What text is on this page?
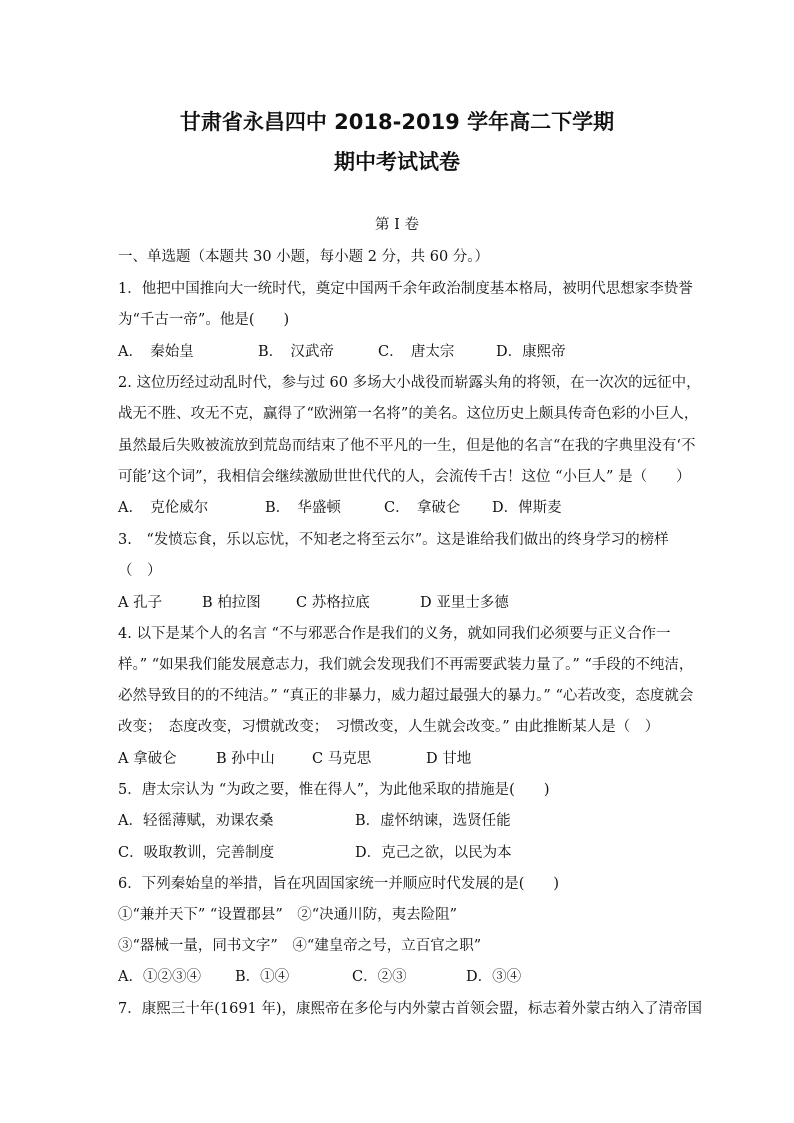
甘肃省永昌四中 2018-2019 学年高二下学期
期中考试试卷
第 I 卷
一、单选题（本题共 30 小题，每小题 2 分，共 60 分。）
1．他把中国推向大一统时代，奠定中国两千余年政治制度基本格局，被明代思想家李贽誉
为“千古一帝”。他是(　　)
A．　秦始皇	B．　汉武帝	C．　唐太宗	D．康熙帝
2. 这位历经过动乱时代，参与过 60 多场大小战役而崭露头角的将领，在一次次的远征中，
战无不胜、攻无不克，赢得了“欧洲第一名将”的美名。这位历史上颇具传奇色彩的小巨人，
虽然最后失败被流放到荒岛而结束了他不平凡的一生，但是他的名言“在我的字典里没有‘不
可能’这个词”，我相信会继续激励世世代代的人，会流传千古！这位 “小巨人” 是（　　）
A．　克伦威尔	B．　华盛顿	C．　拿破仑 D．俾斯麦
3.　“发愤忘食，乐以忘忧，不知老之将至云尔”。这是谁给我们做出的终身学习的榜样
（　）
A 孔子	B 柏拉图 C 苏格拉底	D 亚里士多德
4. 以下是某个人的名言 “不与邪恶合作是我们的义务，就如同我们必须要与正义合作一
样。” “如果我们能发展意志力，我们就会发现我们不再需要武装力量了。” “手段的不纯洁，
必然导致目的的不纯洁。” “真正的非暴力，威力超过最强大的暴力。” “心若改变，态度就会
改变；　态度改变，习惯就改变；　习惯改变，人生就会改变。” 由此推断某人是（　）
A 拿破仑	B 孙中山	C 马克思	D 甘地
5．唐太宗认为 “为政之要，惟在得人”，为此他采取的措施是(　　)
A．轻徭薄赋，劝课农桑	B．虚怀纳谏，选贤任能
C．吸取教训，完善制度	D．克己之欲，以民为本
6．下列秦始皇的举措，旨在巩固国家统一并顺应时代发展的是(　　)
①“兼并天下” “设置郡县”　②“决通川防，夷去险阻”
③“器械一量，同书文字”　④“建皇帝之号，立百官之职”
A．①②③④ B．①④	C．②③	D．③④
7．康熙三十年(1691 年)，康熙帝在多伦与内外蒙古首领会盟，标志着外蒙古纳入了清帝国
